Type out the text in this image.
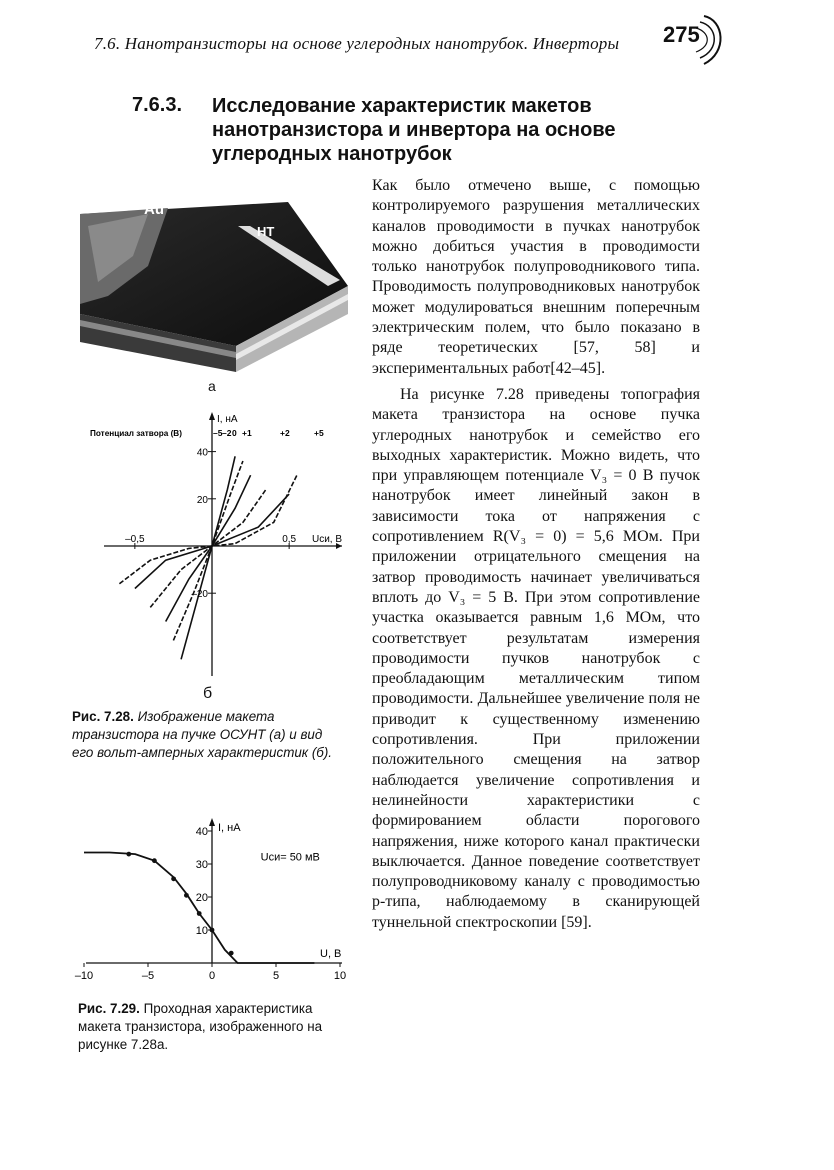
7.6. Нанотранзисторы на основе углеродных нанотрубок. Инверторы 275
7.6.3. Исследование характеристик макетов нанотранзистора и инвертора на основе углеродных нанотрубок

Как было отмечено выше, с помощью контролируемого разрушения металлических каналов проводимости в пучках нанотрубок можно добиться участия в проводимости только нанотрубок полупроводникового типа. Проводимость полупроводниковых нанотрубок может модулироваться внешним поперечным электрическим полем, что было показано в ряде теоретических [57, 58] и экспериментальных работ[42–45].

На рисунке 7.28 приведены топография макета транзистора на основе пучка углеродных нанотрубок и семейство его выходных характеристик. Можно видеть, что при управляющем потенциале V₃ = 0 В пучок нанотрубок имеет линейный закон в зависимости тока от напряжения с сопротивлением R(V₃ = 0) = 5,6 МОм. При приложении отрицательного смещения на затвор проводимость начинает увеличиваться вплоть до V₃ = 5 В. При этом сопротивление участка оказывается равным 1,6 МОм, что соответствует результатам измерения проводимости пучков нанотрубок с преобладающим металлическим типом проводимости. Дальнейшее увеличение поля не приводит к существенному изменению сопротивления. При приложении положительного смещения на затвор наблюдается увеличение сопротивления и нелинейности характеристики с формированием области порогового напряжения, ниже которого канал практически выключается. Данное поведение соответствует полупроводниковому каналу с проводимостью p-типа, наблюдаемому в сканирующей туннельной спектроскопии [59].

Au
НТ
а
40
20
–20
–0,5	0,5
I, нА
Uси, В
Потенциал затвора (В)	–5 –2 0 +1	+2	+5
б
Рис. 7.28. Изображение макета транзистора на пучке ОСУНТ (а) и вид его вольт-амперных характеристик (б).
–10	–5	0	5	10
40
30
20
10
I, нА
U, В
Uси= 50 мВ
Рис. 7.29. Проходная характеристика макета транзистора, изображенного на рисунке 7.28а.
